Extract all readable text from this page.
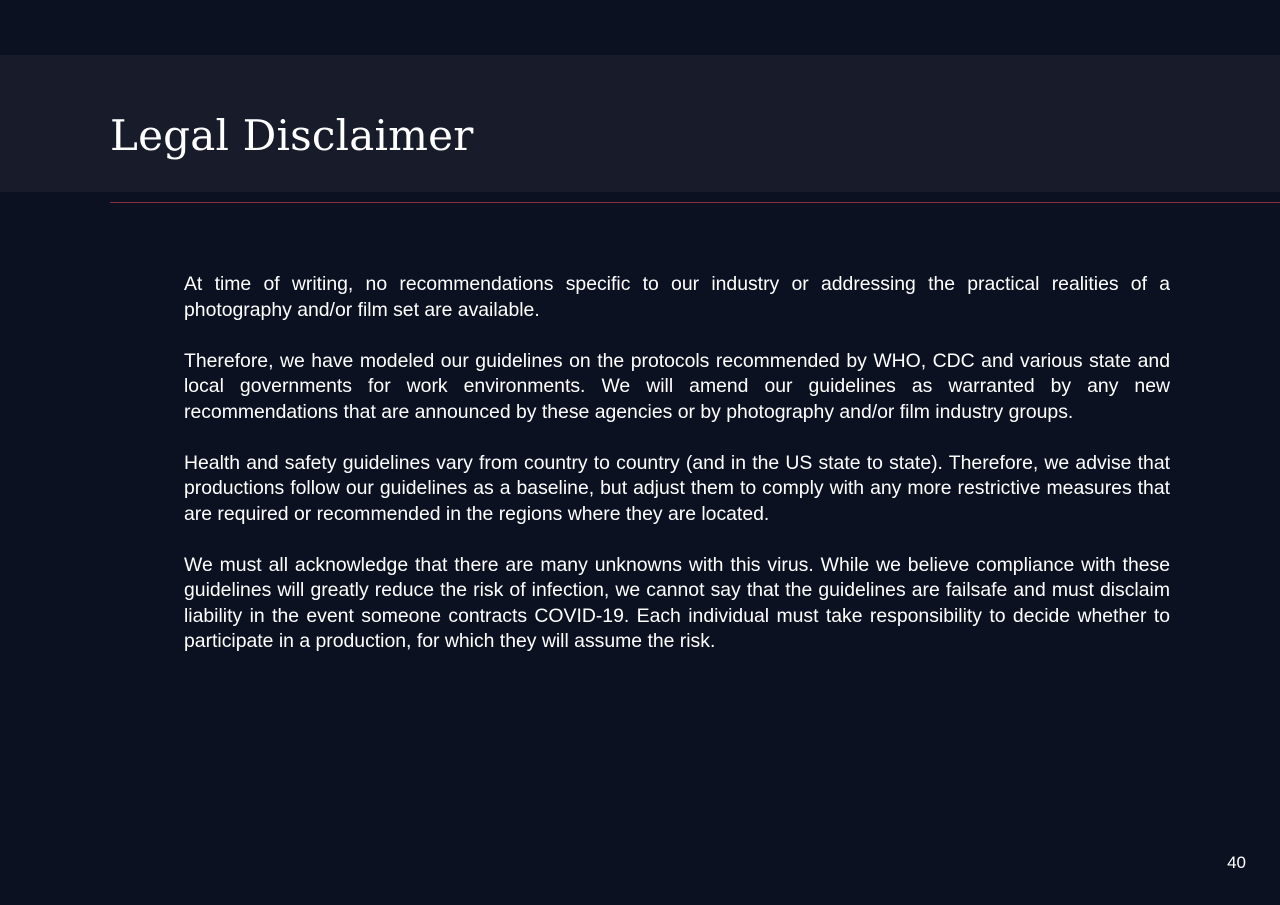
Legal Disclaimer

At time of writing, no recommendations specific to our industry or addressing the practical realities of a photography and/or film set are available.

Therefore, we have modeled our guidelines on the protocols recommended by WHO, CDC and various state and local governments for work environments. We will amend our guidelines as warranted by any new recommendations that are announced by these agencies or by photography and/or film industry groups.

Health and safety guidelines vary from country to country (and in the US state to state). Therefore, we advise that productions follow our guidelines as a baseline, but adjust them to comply with any more restrictive measures that are required or recommended in the regions where they are located.

We must all acknowledge that there are many unknowns with this virus. While we believe compliance with these guidelines will greatly reduce the risk of infection, we cannot say that the guidelines are failsafe and must disclaim liability in the event someone contracts COVID-19. Each individual must take responsibility to decide whether to participate in a production, for which they will assume the risk.

40
